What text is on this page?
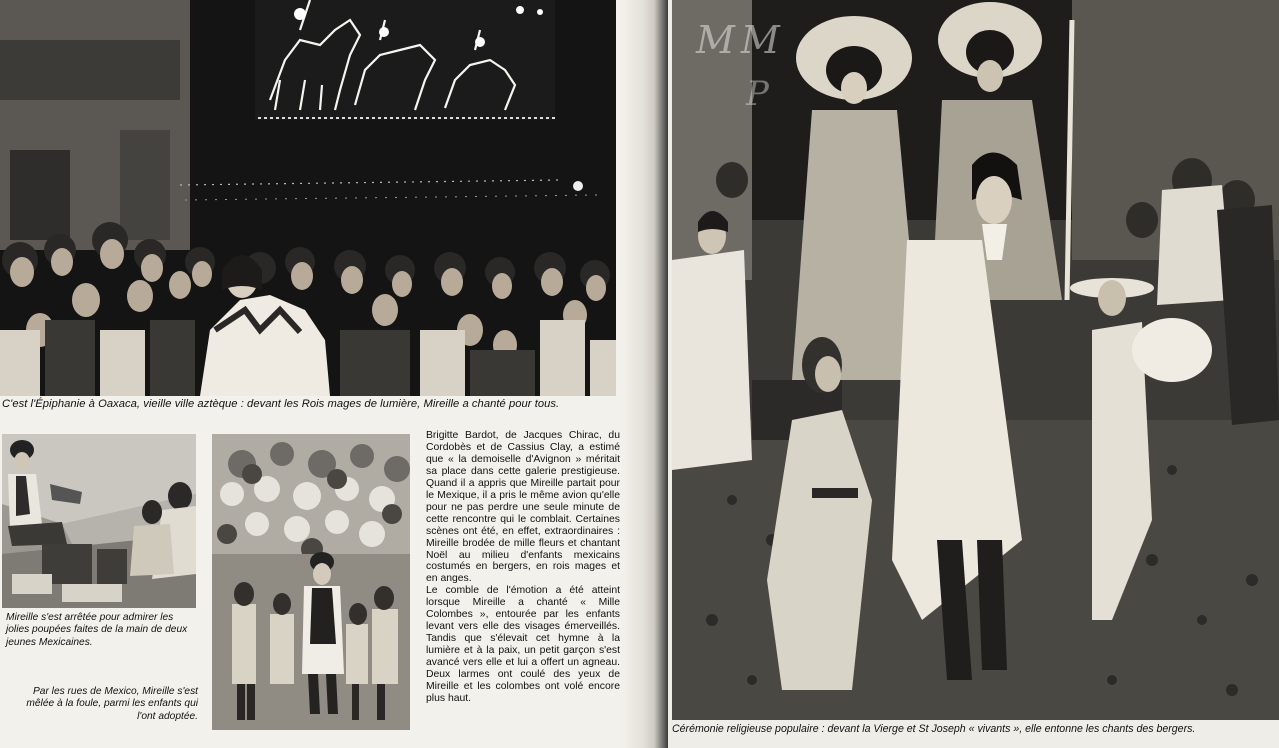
C'est l'Épiphanie à Oaxaca, vieille ville aztèque : devant les Rois mages de lumière, Mireille a chanté pour tous.

Mireille s'est arrêtée pour admirer les jolies poupées faites de la main de deux jeunes Mexicaines.

Par les rues de Mexico, Mireille s'est mêlée à la foule, parmi les enfants qui l'ont adoptée.

Brigitte Bardot, de Jacques Chirac, du Cordobès et de Cassius Clay, a estimé que « la demoiselle d'Avignon » méritait sa place dans cette galerie prestigieuse. Quand il a appris que Mireille partait pour le Mexique, il a pris le même avion qu'elle pour ne pas perdre une seule minute de cette rencontre qui le comblait. Certaines scènes ont été, en effet, extraordinaires : Mireille brodée de mille fleurs et chantant Noël au milieu d'enfants mexicains costumés en bergers, en rois mages et en anges.

Le comble de l'émotion a été atteint lorsque Mireille a chanté « Mille Colombes », entourée par les enfants levant vers elle des visages émerveillés. Tandis que s'élevait cet hymne à la lumière et à la paix, un petit garçon s'est avancé vers elle et lui a offert un agneau. Deux larmes ont coulé des yeux de Mireille et les colombes ont volé encore plus haut.

MM
P

Cérémonie religieuse populaire : devant la Vierge et St Joseph « vivants », elle entonne les chants des bergers.
